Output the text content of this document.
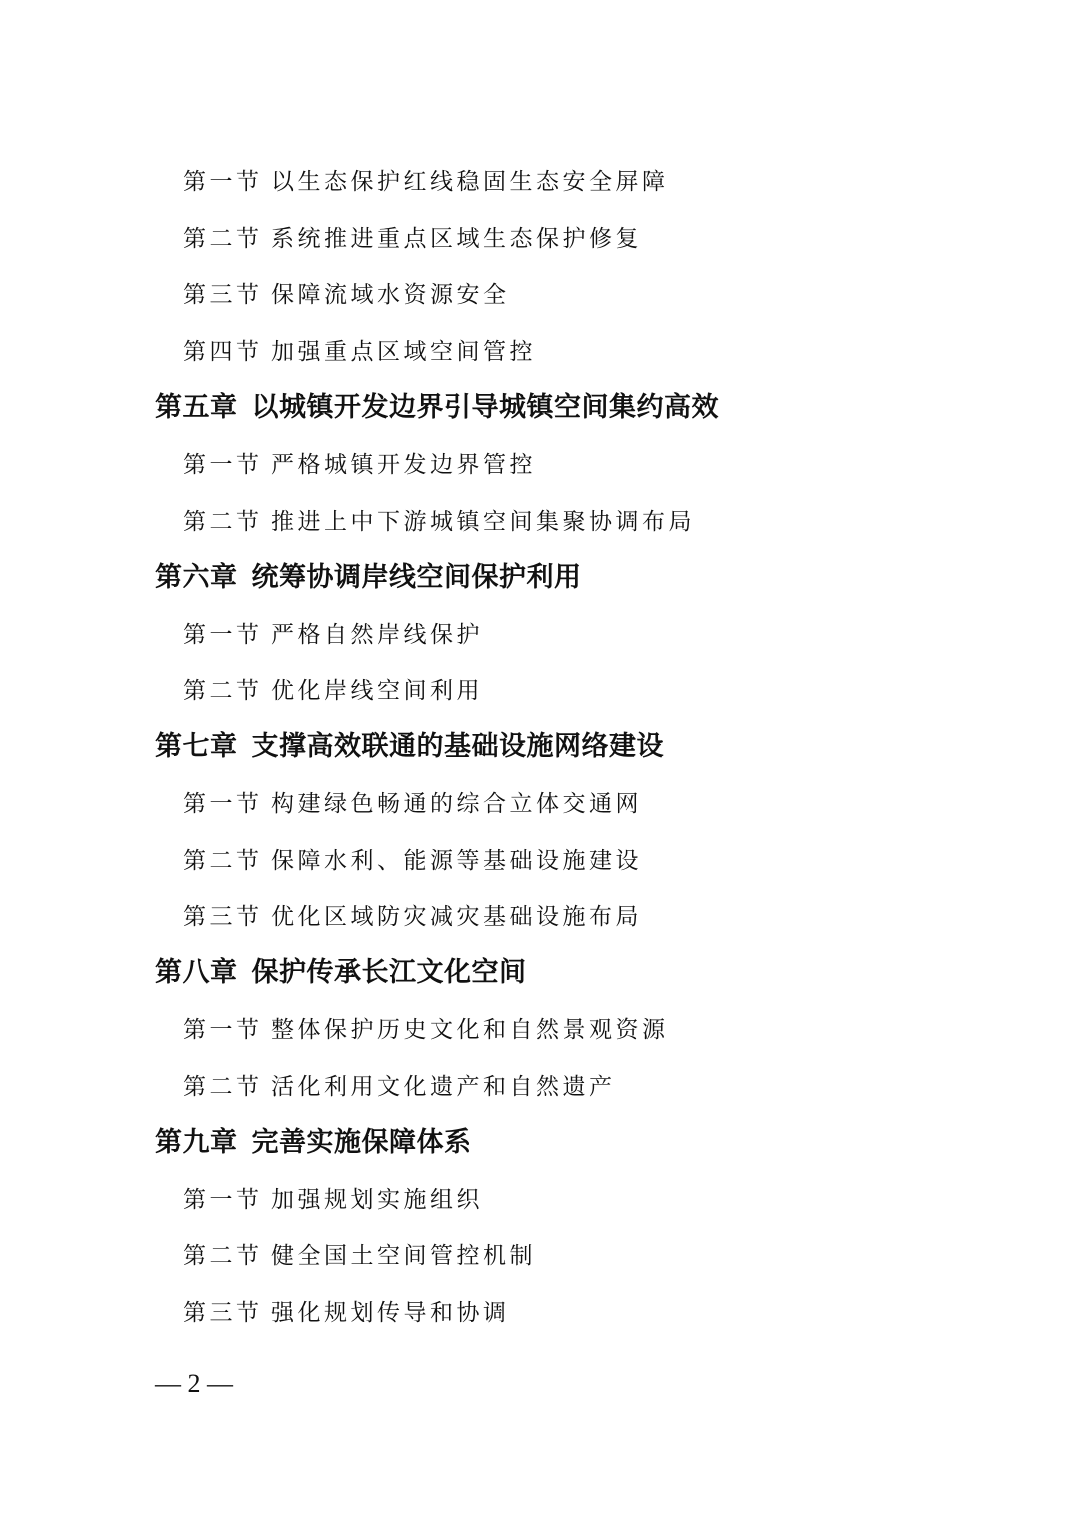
第一节 以生态保护红线稳固生态安全屏障
第二节 系统推进重点区域生态保护修复
第三节 保障流域水资源安全
第四节 加强重点区域空间管控
第五章 以城镇开发边界引导城镇空间集约高效
第一节 严格城镇开发边界管控
第二节 推进上中下游城镇空间集聚协调布局
第六章 统筹协调岸线空间保护利用
第一节 严格自然岸线保护
第二节 优化岸线空间利用
第七章 支撑高效联通的基础设施网络建设
第一节 构建绿色畅通的综合立体交通网
第二节 保障水利、能源等基础设施建设
第三节 优化区域防灾减灾基础设施布局
第八章 保护传承长江文化空间
第一节 整体保护历史文化和自然景观资源
第二节 活化利用文化遗产和自然遗产
第九章 完善实施保障体系
第一节 加强规划实施组织
第二节 健全国土空间管控机制
第三节 强化规划传导和协调
— 2 —
